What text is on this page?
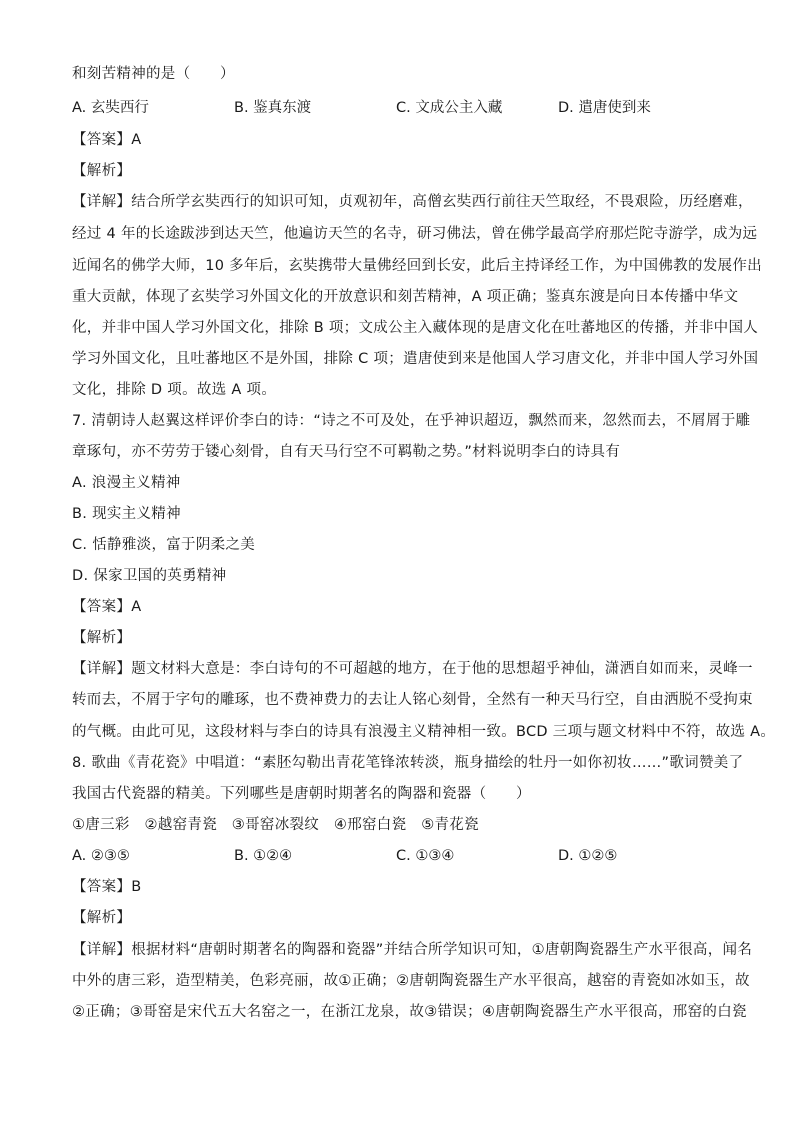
和刻苦精神的是（　　）
A. 玄奘西行	B. 鉴真东渡	C. 文成公主入藏	D. 遣唐使到来
【答案】A
【解析】
【详解】结合所学玄奘西行的知识可知，贞观初年，高僧玄奘西行前往天竺取经，不畏艰险，历经磨难，
经过 4 年的长途跋涉到达天竺，他遍访天竺的名寺，研习佛法，曾在佛学最高学府那烂陀寺游学，成为远
近闻名的佛学大师，10 多年后，玄奘携带大量佛经回到长安，此后主持译经工作，为中国佛教的发展作出
重大贡献，体现了玄奘学习外国文化的开放意识和刻苦精神，A 项正确；鉴真东渡是向日本传播中华文
化，并非中国人学习外国文化，排除 B 项；文成公主入藏体现的是唐文化在吐蕃地区的传播，并非中国人
学习外国文化，且吐蕃地区不是外国，排除 C 项；遣唐使到来是他国人学习唐文化，并非中国人学习外国
文化，排除 D 项。故选 A 项。
7. 清朝诗人赵翼这样评价李白的诗：“诗之不可及处，在乎神识超迈，飘然而来，忽然而去，不屑屑于雕
章琢句，亦不劳劳于镂心刻骨，自有天马行空不可羁勒之势。”材料说明李白的诗具有
A. 浪漫主义精神
B. 现实主义精神
C. 恬静雅淡，富于阴柔之美
D. 保家卫国的英勇精神
【答案】A
【解析】
【详解】题文材料大意是：李白诗句的不可超越的地方，在于他的思想超乎神仙，潇洒自如而来，灵峰一
转而去，不屑于字句的雕琢，也不费神费力的去让人铭心刻骨，全然有一种天马行空，自由洒脱不受拘束
的气概。由此可见，这段材料与李白的诗具有浪漫主义精神相一致。BCD 三项与题文材料中不符，故选 A。
8. 歌曲《青花瓷》中唱道：“素胚勾勒出青花笔锋浓转淡，瓶身描绘的牡丹一如你初妆……”歌词赞美了
我国古代瓷器的精美。下列哪些是唐朝时期著名的陶器和瓷器（　　）
①唐三彩　②越窑青瓷　③哥窑冰裂纹　④邢窑白瓷　⑤青花瓷
A. ②③⑤	B. ①②④	C. ①③④	D. ①②⑤
【答案】B
【解析】
【详解】根据材料“唐朝时期著名的陶器和瓷器”并结合所学知识可知，①唐朝陶瓷器生产水平很高，闻名
中外的唐三彩，造型精美，色彩亮丽，故①正确；②唐朝陶瓷器生产水平很高，越窑的青瓷如冰如玉，故
②正确；③哥窑是宋代五大名窑之一，在浙江龙泉，故③错误；④唐朝陶瓷器生产水平很高，邢窑的白瓷
